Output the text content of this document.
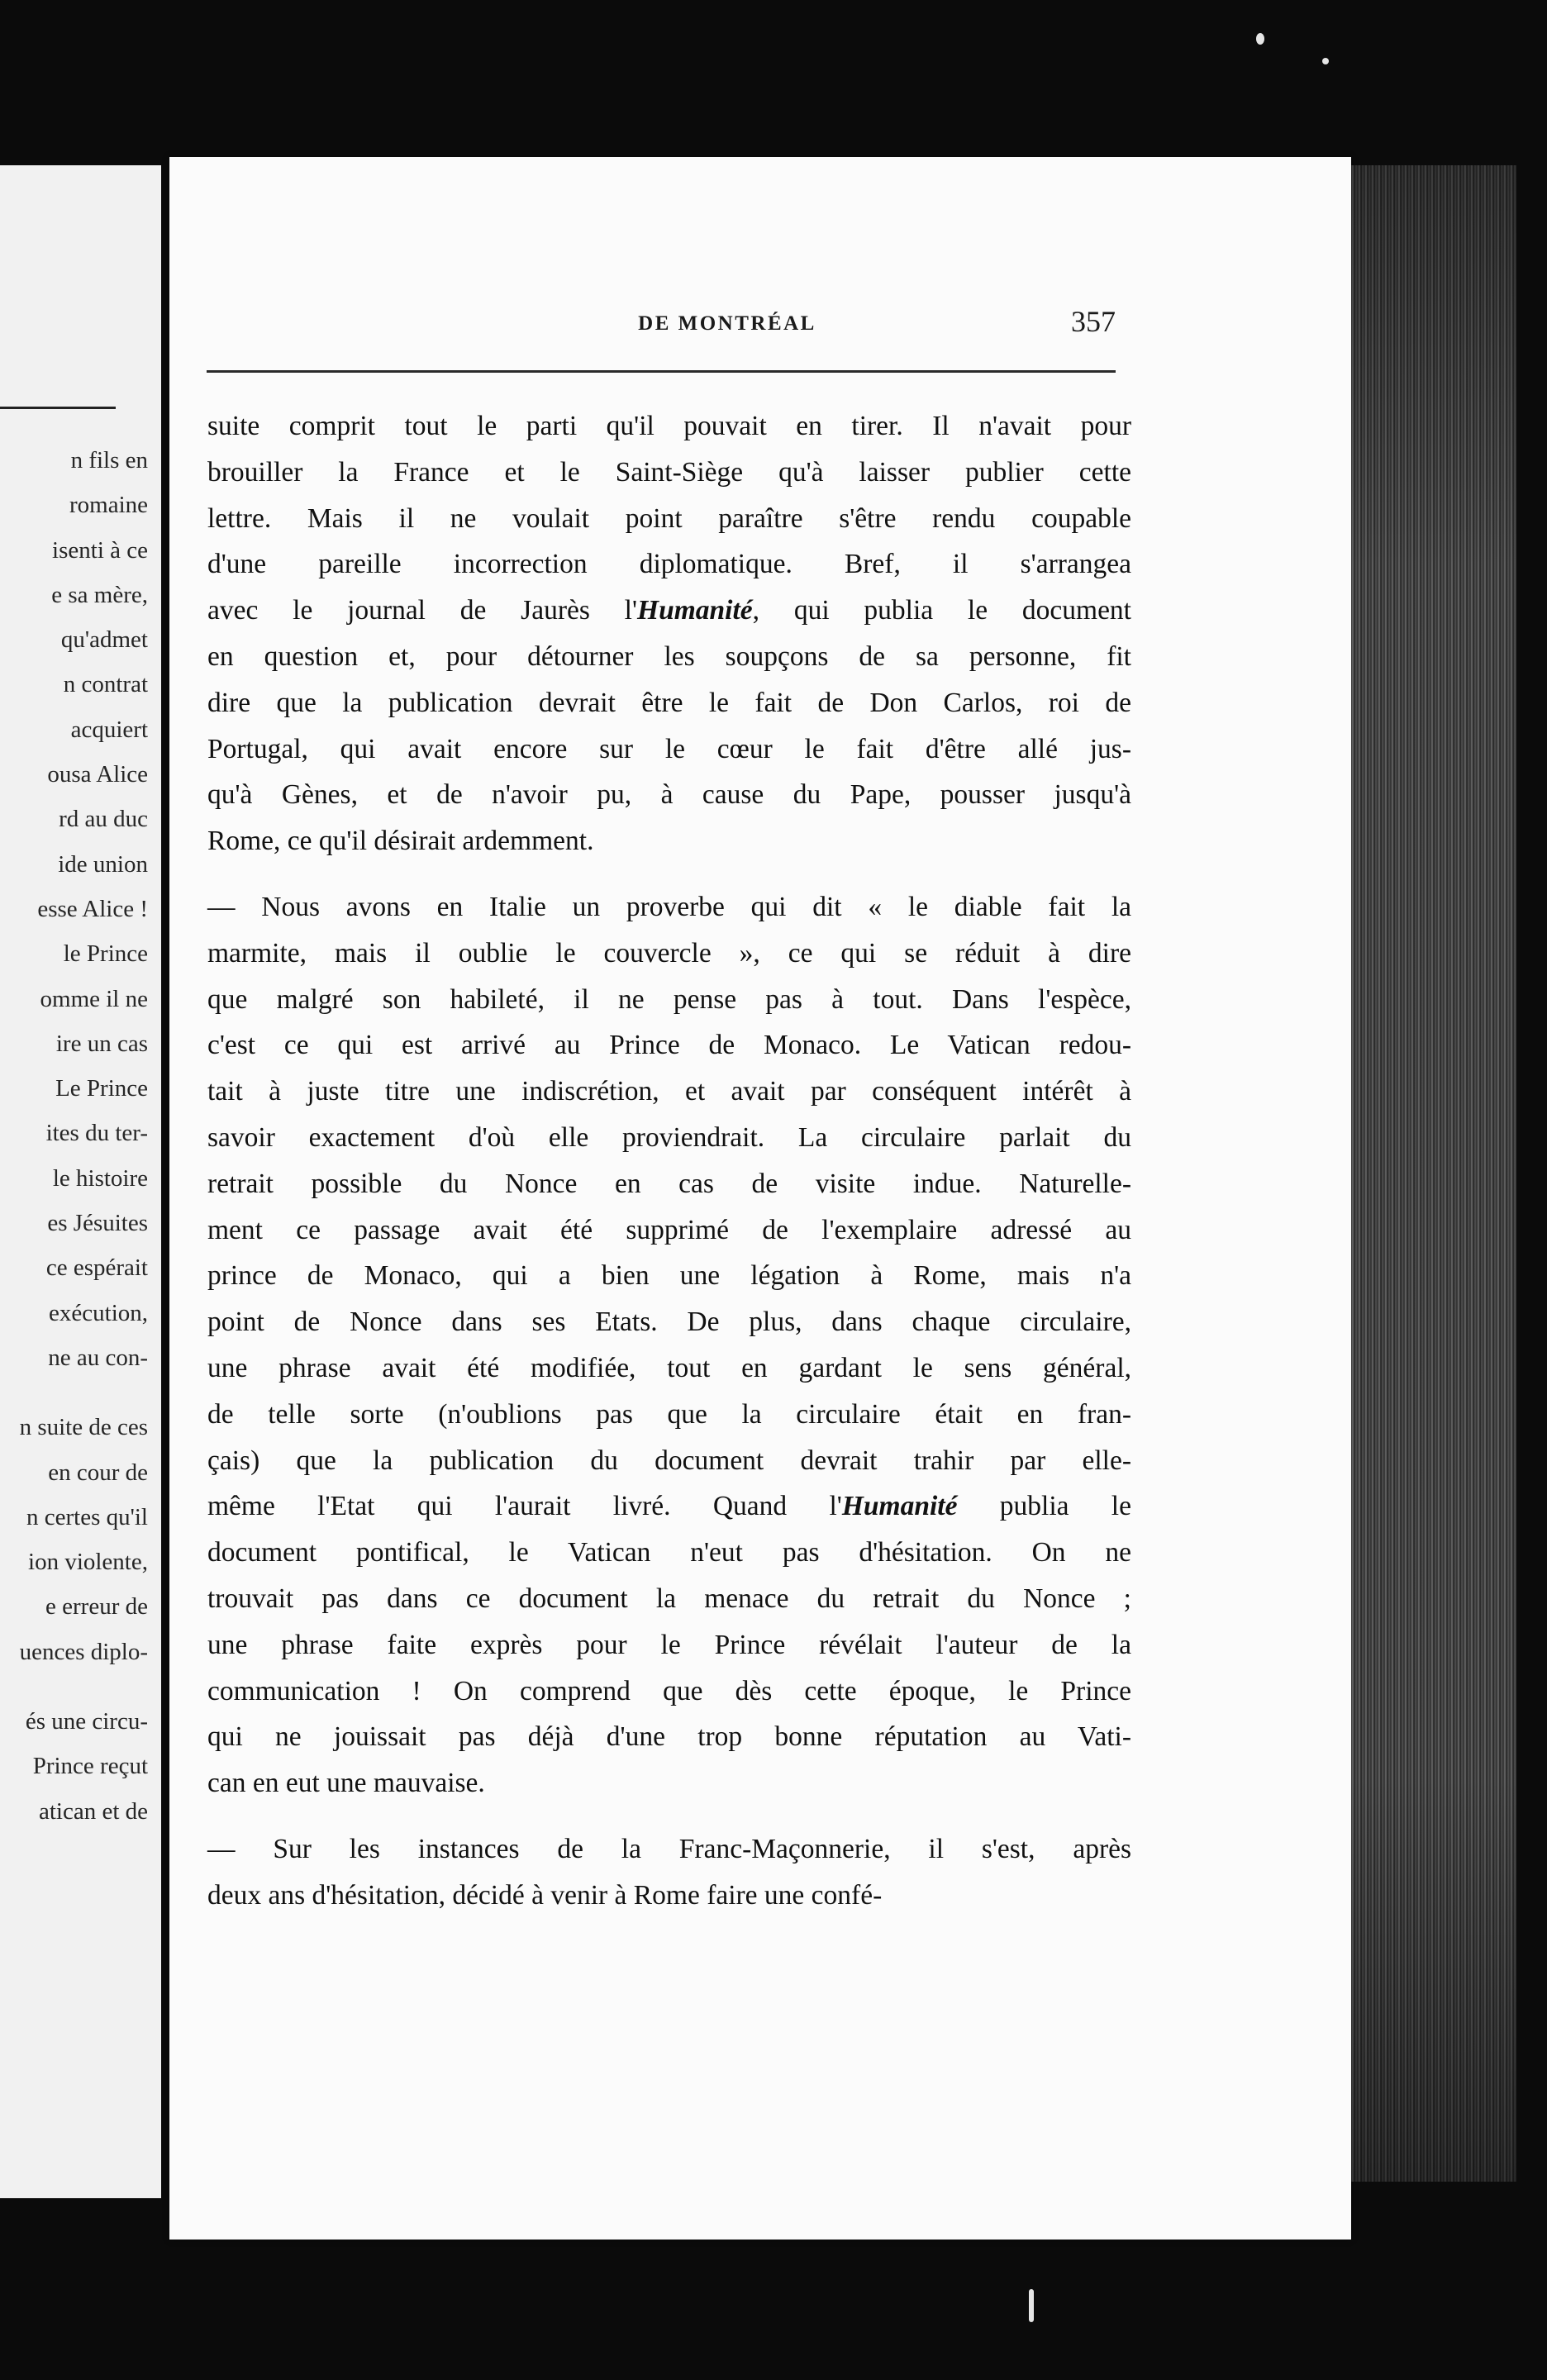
n fils en
romaine
isenti à ce
e sa mère,
qu'admet
n contrat
acquiert
ousa Alice
rd au duc
ide union
esse Alice !
le Prince
omme il ne
ire un cas
Le Prince
ites du ter-
le histoire
es Jésuites
ce espérait
exécution,
ne au con-
n suite de ces
en cour de
n certes qu'il
ion violente,
e erreur de
uences diplo-
és une circu-
Prince reçut
atican et de
DE MONTRÉAL	357
suite comprit tout le parti qu'il pouvait en tirer. Il n'avait pour
brouiller la France et le Saint-Siège qu'à laisser publier cette
lettre. Mais il ne voulait point paraître s'être rendu coupable
d'une pareille incorrection diplomatique. Bref, il s'arrangea
avec le journal de Jaurès l'Humanité, qui publia le document
en question et, pour détourner les soupçons de sa personne, fit
dire que la publication devrait être le fait de Don Carlos, roi de
Portugal, qui avait encore sur le cœur le fait d'être allé jus-
qu'à Gènes, et de n'avoir pu, à cause du Pape, pousser jusqu'à
Rome, ce qu'il désirait ardemment.
— Nous avons en Italie un proverbe qui dit « le diable fait la
marmite, mais il oublie le couvercle », ce qui se réduit à dire
que malgré son habileté, il ne pense pas à tout. Dans l'espèce,
c'est ce qui est arrivé au Prince de Monaco. Le Vatican redou-
tait à juste titre une indiscrétion, et avait par conséquent intérêt à
savoir exactement d'où elle proviendrait. La circulaire parlait du
retrait possible du Nonce en cas de visite indue. Naturelle-
ment ce passage avait été supprimé de l'exemplaire adressé au
prince de Monaco, qui a bien une légation à Rome, mais n'a
point de Nonce dans ses Etats. De plus, dans chaque circulaire,
une phrase avait été modifiée, tout en gardant le sens général,
de telle sorte (n'oublions pas que la circulaire était en fran-
çais) que la publication du document devrait trahir par elle-
même l'Etat qui l'aurait livré. Quand l'Humanité publia le
document pontifical, le Vatican n'eut pas d'hésitation. On ne
trouvait pas dans ce document la menace du retrait du Nonce ;
une phrase faite exprès pour le Prince révélait l'auteur de la
communication ! On comprend que dès cette époque, le Prince
qui ne jouissait pas déjà d'une trop bonne réputation au Vati-
can en eut une mauvaise.
— Sur les instances de la Franc-Maçonnerie, il s'est, après
deux ans d'hésitation, décidé à venir à Rome faire une confé-
